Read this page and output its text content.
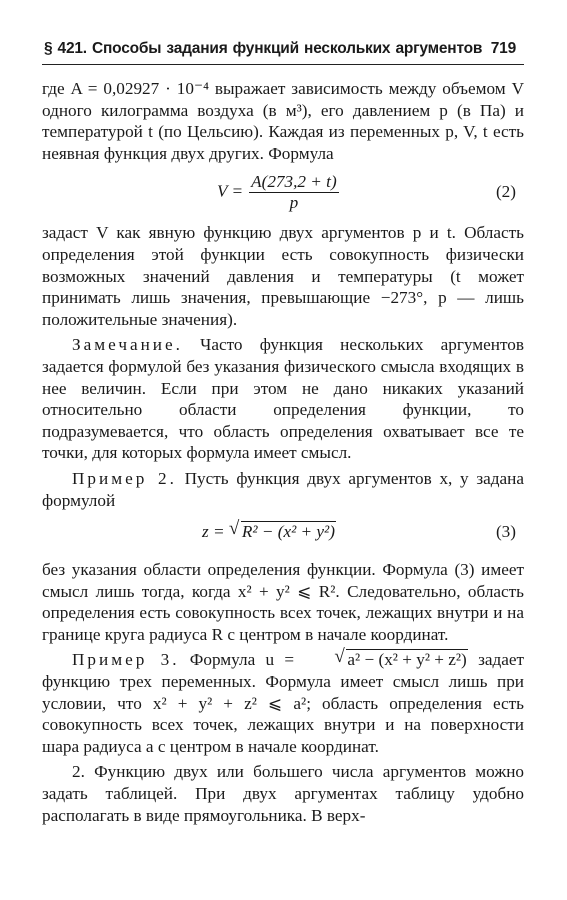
§ 421. Способы задания функций нескольких аргументов 719

где A = 0,02927 · 10⁻⁴ выражает зависимость между объемом V одного килограмма воздуха (в м³), его давлением p (в Па) и температурой t (по Цельсию). Каждая из переменных p, V, t есть неявная функция двух других. Формула

$V = \frac{A(273,2 + t)}{p}$	(2)

задаст V как явную функцию двух аргументов p и t. Область определения этой функции есть совокупность физически возможных значений давления и температуры (t может принимать лишь значения, превышающие −273°, p — лишь положительные значения).

Замечание. Часто функция нескольких аргументов задается формулой без указания физического смысла входящих в нее величин. Если при этом не дано никаких указаний относительно области определения функции, то подразумевается, что область определения охватывает все те точки, для которых формула имеет смысл.

Пример 2. Пусть функция двух аргументов x, y задана формулой

z = √ R² − (x² + y²)	(3)

без указания области определения функции. Формула (3) имеет смысл лишь тогда, когда x² + y² ⩽ R². Следовательно, область определения есть совокупность всех точек, лежащих внутри и на границе круга радиуса R с центром в начале координат.

Пример 3. Формула u =	√ a² − (x² + y² + z²) задает функцию трех переменных. Формула имеет смысл лишь при условии, что x² + y² + z² ⩽ a²; область определения есть совокупность всех точек, лежащих внутри и на поверхности шара радиуса a с центром в начале координат.

2. Функцию двух или большего числа аргументов можно задать таблицей. При двух аргументах таблицу удобно располагать в виде прямоугольника. В верх-
